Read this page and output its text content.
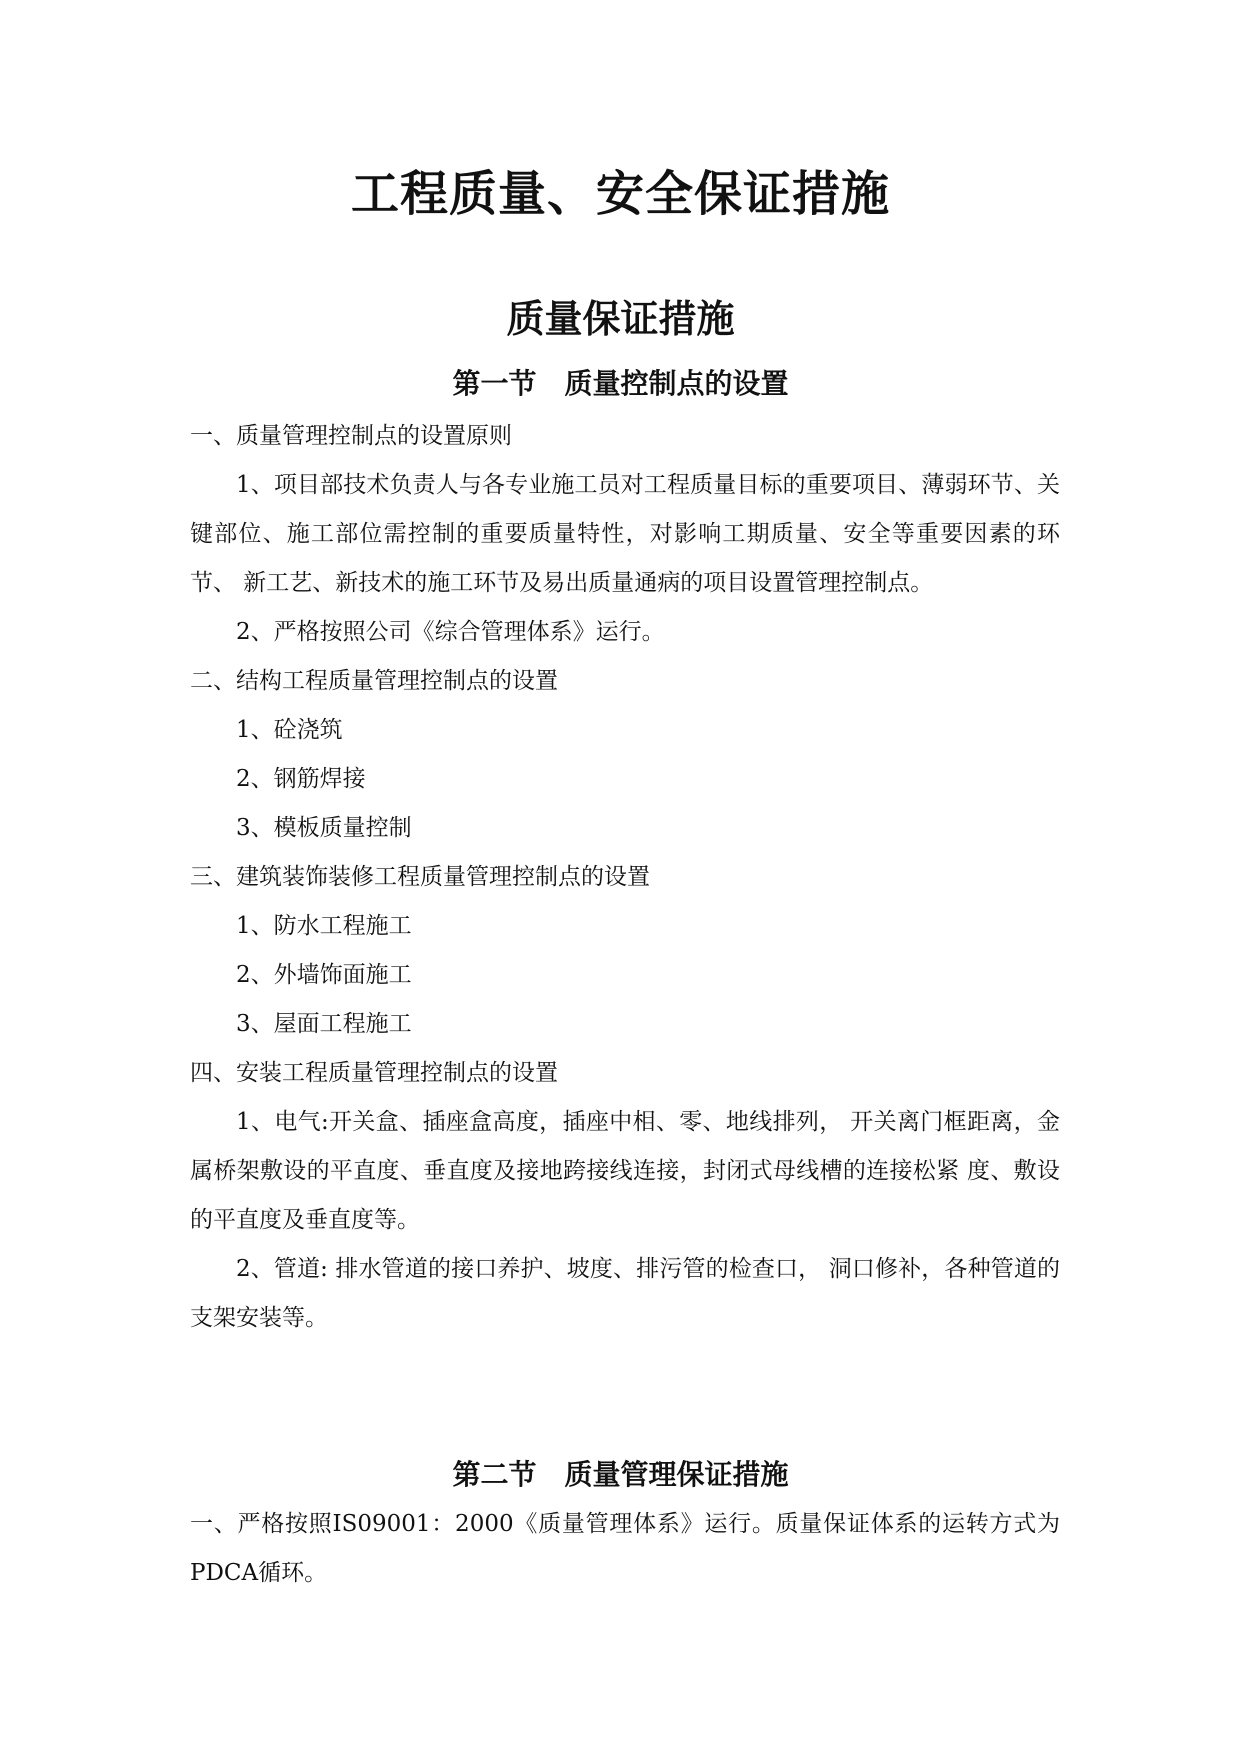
工程质量、安全保证措施
质量保证措施
第一节　质量控制点的设置

一、质量管理控制点的设置原则

1、项目部技术负责人与各专业施工员对工程质量目标的重要项目、薄弱环节、关键部位、施工部位需控制的重要质量特性，对影响工期质量、安全等重要因素的环节、 新工艺、新技术的施工环节及易出质量通病的项目设置管理控制点。

2、严格按照公司《综合管理体系》运行。

二、结构工程质量管理控制点的设置

1、砼浇筑

2、钢筋焊接

3、模板质量控制

三、建筑装饰装修工程质量管理控制点的设置

1、防水工程施工

2、外墙饰面施工

3、屋面工程施工

四、安装工程质量管理控制点的设置

1、电气:开关盒、插座盒高度，插座中相、零、地线排列， 开关离门框距离，金属桥架敷设的平直度、垂直度及接地跨接线连接，封闭式母线槽的连接松紧 度、敷设的平直度及垂直度等。

2、管道: 排水管道的接口养护、坡度、排污管的检查口， 洞口修补，各种管道的支架安装等。

第二节　质量管理保证措施

一、严格按照IS09001：2000《质量管理体系》运行。质量保证体系的运转方式为PDCA循环。
